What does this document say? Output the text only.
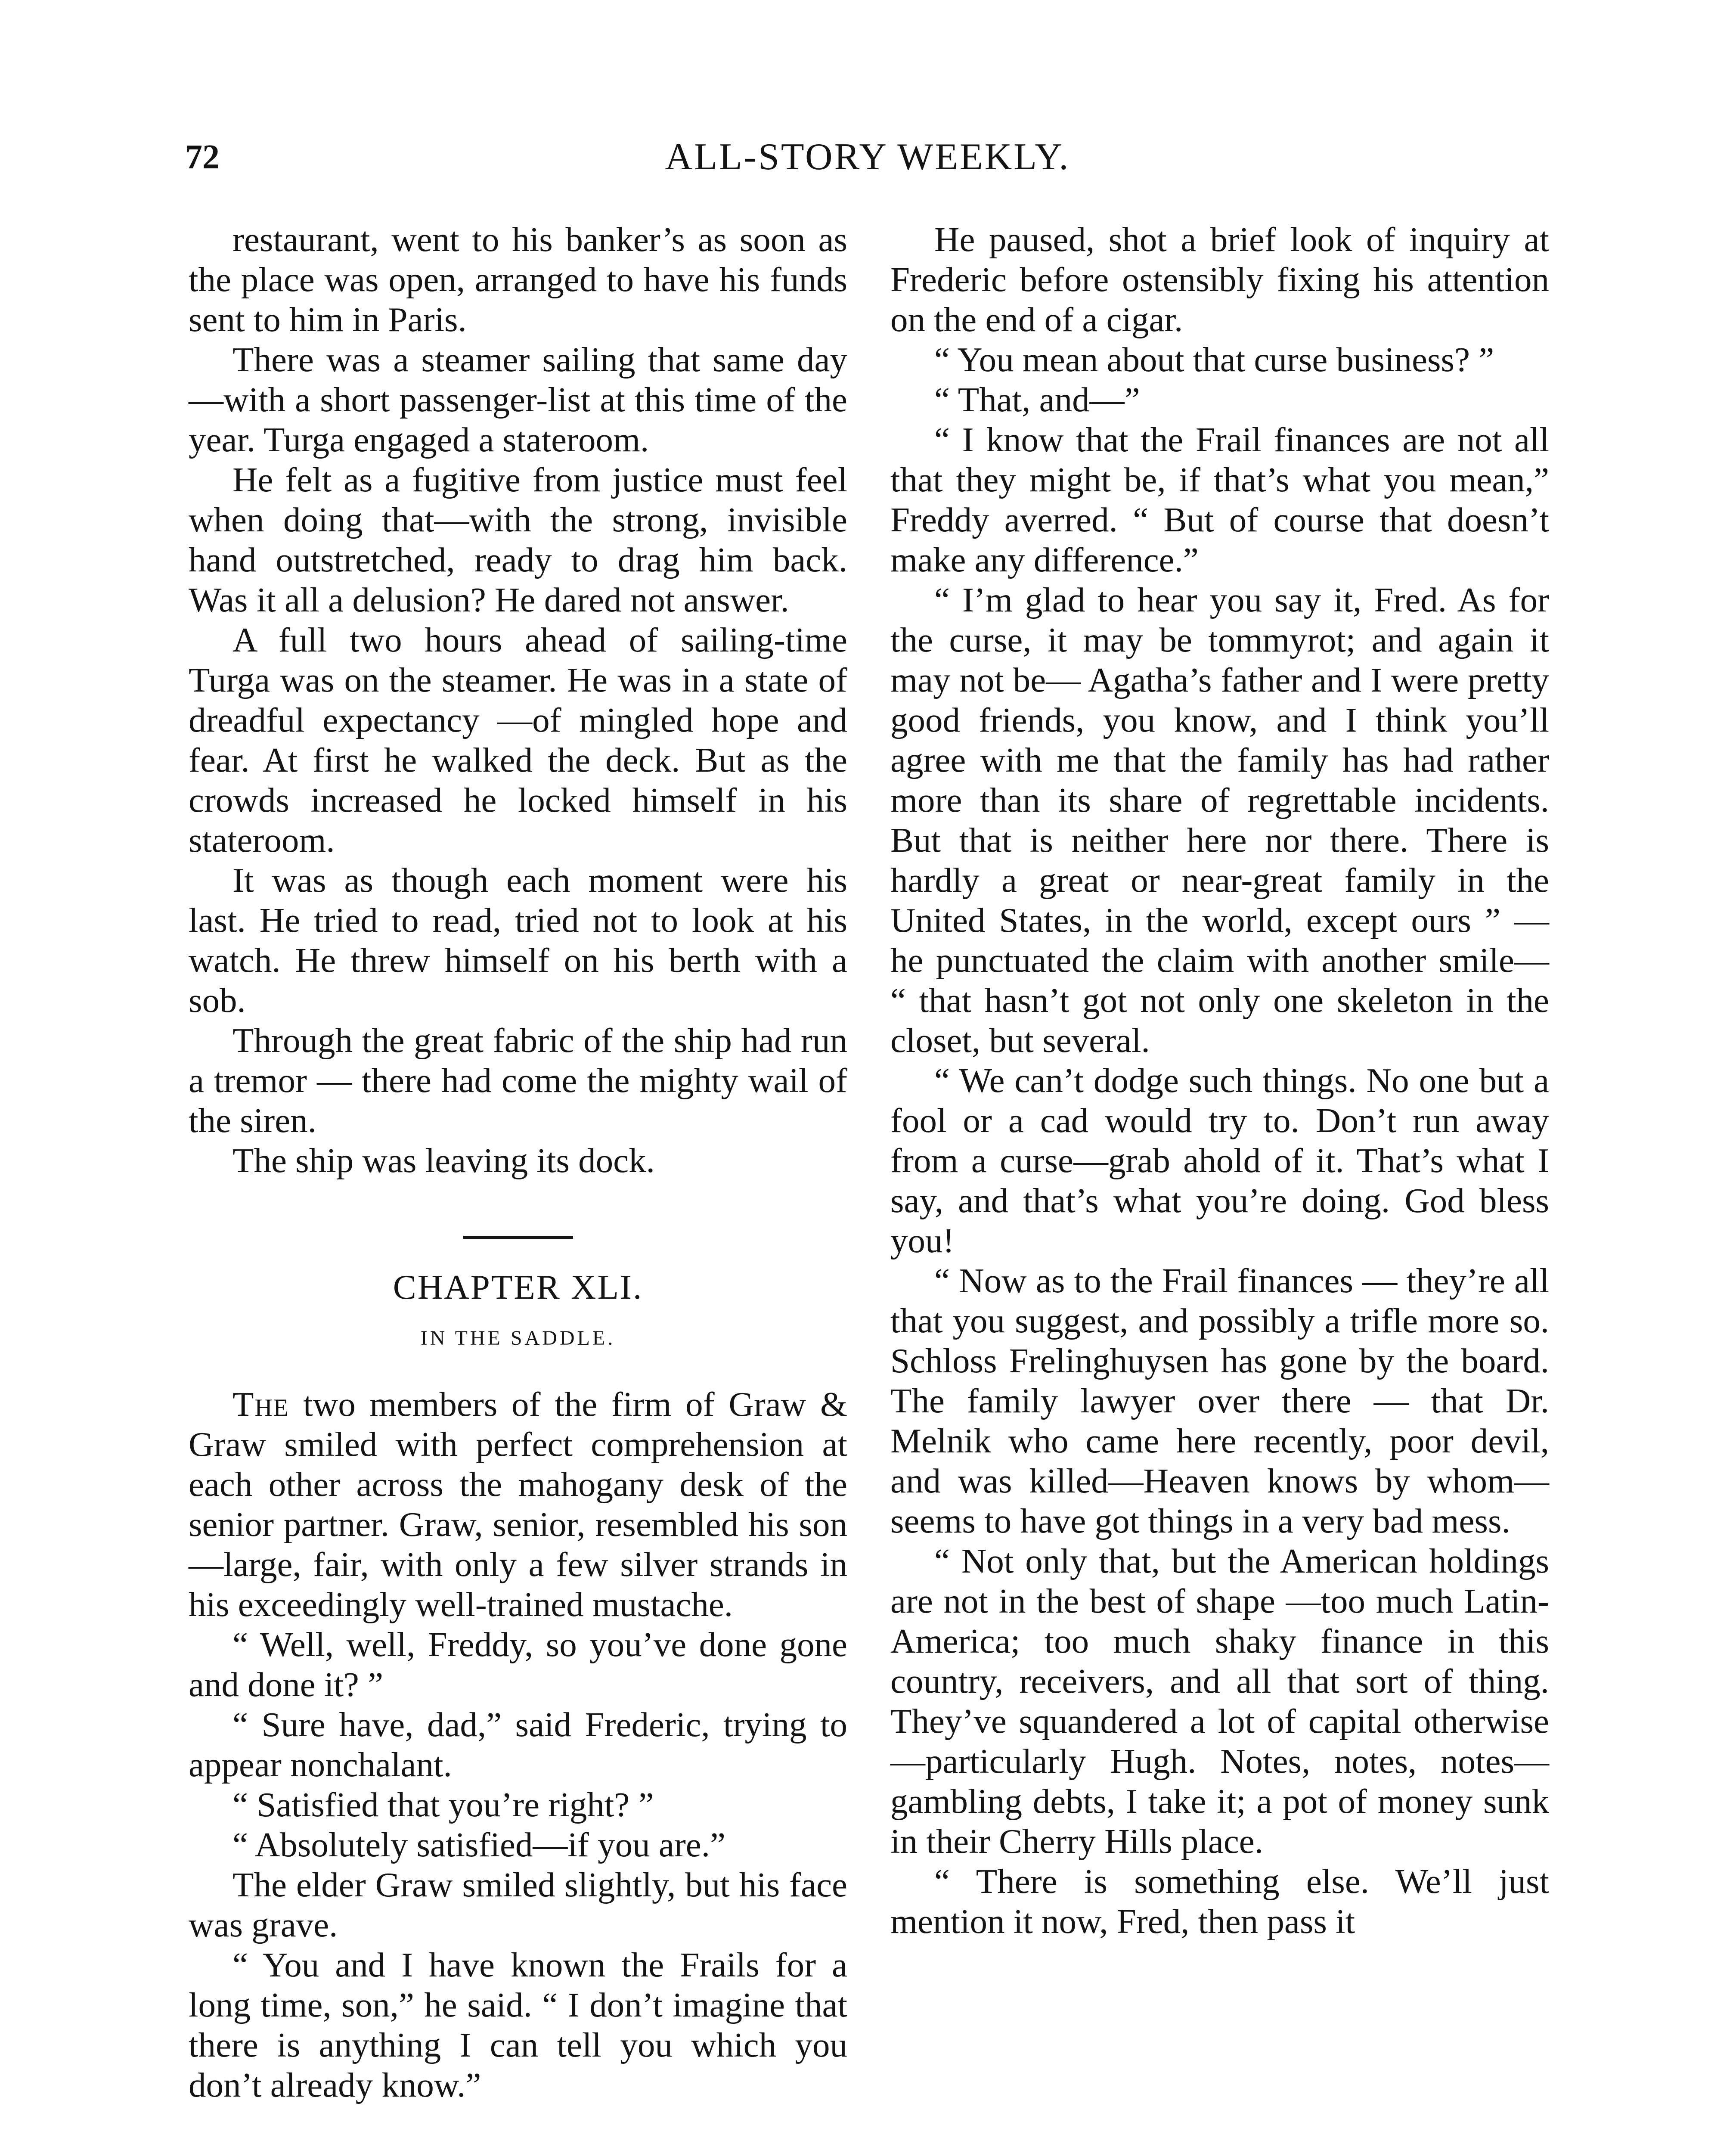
72	ALL-STORY WEEKLY.

restaurant, went to his banker’s as soon as the place was open, arranged to have his funds sent to him in Paris.

There was a steamer sailing that same day—with a short passenger-list at this time of the year. Turga engaged a stateroom.

He felt as a fugitive from justice must feel when doing that—with the strong, invisible hand outstretched, ready to drag him back. Was it all a delusion? He dared not answer.

A full two hours ahead of sailing-time Turga was on the steamer. He was in a state of dreadful expectancy —of mingled hope and fear. At first he walked the deck. But as the crowds increased he locked himself in his stateroom.

It was as though each moment were his last. He tried to read, tried not to look at his watch. He threw himself on his berth with a sob.

Through the great fabric of the ship had run a tremor — there had come the mighty wail of the siren.

The ship was leaving its dock.

CHAPTER XLI.
IN THE SADDLE.

The two members of the firm of Graw & Graw smiled with perfect comprehension at each other across the mahogany desk of the senior partner. Graw, senior, resembled his son —large, fair, with only a few silver strands in his exceedingly well-trained mustache.

“ Well, well, Freddy, so you’ve done gone and done it? ”

“ Sure have, dad,” said Frederic, trying to appear nonchalant.

“ Satisfied that you’re right? ”

“ Absolutely satisfied—if you are.”

The elder Graw smiled slightly, but his face was grave.

“ You and I have known the Frails for a long time, son,” he said. “ I don’t imagine that there is anything I can tell you which you don’t already know.”

He paused, shot a brief look of inquiry at Frederic before ostensibly fixing his attention on the end of a cigar.

“ You mean about that curse business? ”

“ That, and—”

“ I know that the Frail finances are not all that they might be, if that’s what you mean,” Freddy averred. “ But of course that doesn’t make any difference.”

“ I’m glad to hear you say it, Fred. As for the curse, it may be tommyrot; and again it may not be— Agatha’s father and I were pretty good friends, you know, and I think you’ll agree with me that the family has had rather more than its share of regrettable incidents. But that is neither here nor there. There is hardly a great or near-great family in the United States, in the world, except ours ” — he punctuated the claim with another smile— “ that hasn’t got not only one skeleton in the closet, but several.

“ We can’t dodge such things. No one but a fool or a cad would try to. Don’t run away from a curse—grab ahold of it. That’s what I say, and that’s what you’re doing. God bless you!

“ Now as to the Frail finances — they’re all that you suggest, and possibly a trifle more so. Schloss Frelinghuysen has gone by the board. The family lawyer over there — that Dr. Melnik who came here recently, poor devil, and was killed—Heaven knows by whom—seems to have got things in a very bad mess.

“ Not only that, but the American holdings are not in the best of shape —too much Latin-America; too much shaky finance in this country, receivers, and all that sort of thing. They’ve squandered a lot of capital otherwise—particularly Hugh. Notes, notes, notes—gambling debts, I take it; a pot of money sunk in their Cherry Hills place.

“ There is something else. We’ll just mention it now, Fred, then pass it
